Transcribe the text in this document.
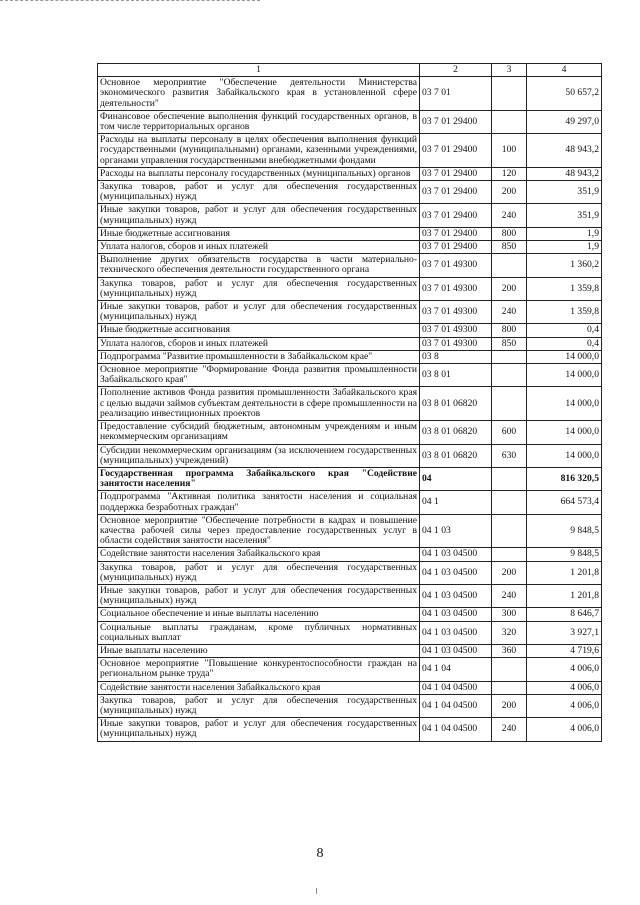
1	2	3	4
Основное мероприятие "Обеспечение деятельности Министерства экономического развития Забайкальского края в установленной сфере деятельности"	03 7 01		50 657,2
Финансовое обеспечение выполнения функций государственных органов, в том числе территориальных органов	03 7 01 29400		49 297,0
Расходы на выплаты персоналу в целях обеспечения выполнения функций государственными (муниципальными) органами, казенными учреждениями, органами управления государственными внебюджетными фондами	03 7 01 29400	100	48 943,2
Расходы на выплаты персоналу государственных (муниципальных) органов	03 7 01 29400	120	48 943,2
Закупка товаров, работ и услуг для обеспечения государственных (муниципальных) нужд	03 7 01 29400	200	351,9
Иные закупки товаров, работ и услуг для обеспечения государственных (муниципальных) нужд	03 7 01 29400	240	351,9
Иные бюджетные ассигнования	03 7 01 29400	800	1,9
Уплата налогов, сборов и иных платежей	03 7 01 29400	850	1,9
Выполнение других обязательств государства в части материально-технического обеспечения деятельности государственного органа	03 7 01 49300		1 360,2
Закупка товаров, работ и услуг для обеспечения государственных (муниципальных) нужд	03 7 01 49300	200	1 359,8
Иные закупки товаров, работ и услуг для обеспечения государственных (муниципальных) нужд	03 7 01 49300	240	1 359,8
Иные бюджетные ассигнования	03 7 01 49300	800	0,4
Уплата налогов, сборов и иных платежей	03 7 01 49300	850	0,4
Подпрограмма "Развитие промышленности в Забайкальском крае"	03 8		14 000,0
Основное мероприятие "Формирование Фонда развития промышленности Забайкальского края"	03 8 01		14 000,0
Пополнение активов Фонда развития промышленности Забайкальского края с целью выдачи займов субъектам деятельности в сфере промышленности на реализацию инвестиционных проектов	03 8 01 06820		14 000,0
Предоставление субсидий бюджетным, автономным учреждениям и иным некоммерческим организациям	03 8 01 06820	600	14 000,0
Субсидии некоммерческим организациям (за исключением государственных (муниципальных) учреждений)	03 8 01 06820	630	14 000,0
Государственная программа Забайкальского края "Содействие занятости населения"	04		816 320,5
Подпрограмма "Активная политика занятости населения и социальная поддержка безработных граждан"	04 1		664 573,4
Основное мероприятие "Обеспечение потребности в кадрах и повышение качества рабочей силы через предоставление государственных услуг в области содействия занятости населения"	04 1 03		9 848,5
Содействие занятости населения Забайкальского края	04 1 03 04500		9 848,5
Закупка товаров, работ и услуг для обеспечения государственных (муниципальных) нужд	04 1 03 04500	200	1 201,8
Иные закупки товаров, работ и услуг для обеспечения государственных (муниципальных) нужд	04 1 03 04500	240	1 201,8
Социальное обеспечение и иные выплаты населению	04 1 03 04500	300	8 646,7
Социальные выплаты гражданам, кроме публичных нормативных социальных выплат	04 1 03 04500	320	3 927,1
Иные выплаты населению	04 1 03 04500	360	4 719,6
Основное мероприятие "Повышение конкурентоспособности граждан на региональном рынке труда"	04 1 04		4 006,0
Содействие занятости населения Забайкальского края	04 1 04 04500		4 006,0
Закупка товаров, работ и услуг для обеспечения государственных (муниципальных) нужд	04 1 04 04500	200	4 006,0
Иные закупки товаров, работ и услуг для обеспечения государственных (муниципальных) нужд	04 1 04 04500	240	4 006,0
8
